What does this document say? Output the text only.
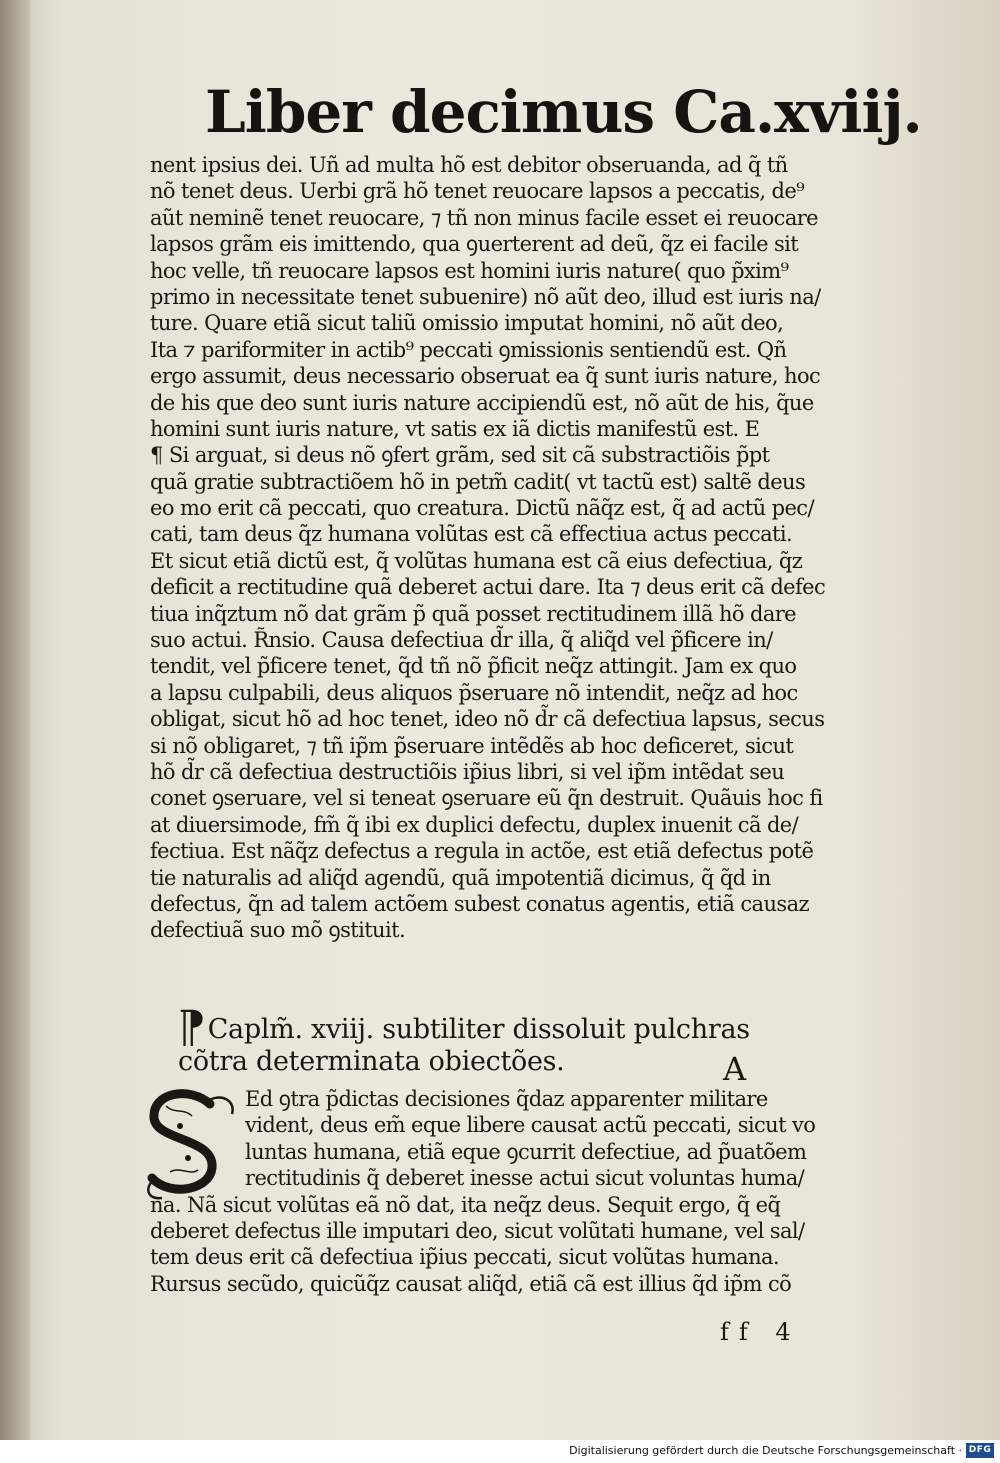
Liber decimus Ca.xviij.
nent ipsius dei. Uñ ad multa hõ est debitor obseruanda, ad q̃ tñ
nõ tenet deus. Uerbi grã hõ tenet reuocare lapsos a peccatis, de⁹
aũt neminẽ tenet reuocare, ⁊ tñ non minus facile esset ei reuocare
lapsos grãm eis imittendo, qua ꝯuerterent ad deũ, q̃z ei facile sit
hoc velle, tñ reuocare lapsos est homini iuris nature( quo p̃xim⁹
primo in necessitate tenet subuenire) nõ aũt deo, illud est iuris na/
ture. Quare etiã sicut taliũ omissio imputat homini, nõ aũt deo,
Ita ⁊ pariformiter in actib⁹ peccati ꝯmissionis sentiendũ est. Qñ
ergo assumit, deus necessario obseruat ea q̃ sunt iuris nature, hoc
de his que deo sunt iuris nature accipiendũ est, nõ aũt de his, q̃ue
homini sunt iuris nature, vt satis ex iã dictis manifestũ est. E
¶ Si arguat, si deus nõ ꝯfert grãm, sed sit cã substractiõis p̃pt
quã gratie subtractiõem hõ in petm̃ cadit( vt tactũ est) saltẽ deus
eo mo erit cã peccati, quo creatura. Dictũ nãq̃z est, q̃ ad actũ pec/
cati, tam deus q̃z humana volũtas est cã effectiua actus peccati.
Et sicut etiã dictũ est, q̃ volũtas humana est cã eius defectiua, q̃z
deficit a rectitudine quã deberet actui dare. Ita ⁊ deus erit cã defec
tiua inq̃ztum nõ dat grãm p̃ quã posset rectitudinem illã hõ dare
suo actui. R̃nsio. Causa defectiua d̃r illa, q̃ aliq̃d vel p̃ficere in/
tendit, vel p̃ficere tenet, q̃d tñ nõ p̃ficit neq̃z attingit. Jam ex quo
a lapsu culpabili, deus aliquos p̃seruare nõ intendit, neq̃z ad hoc
obligat, sicut hõ ad hoc tenet, ideo nõ d̃r cã defectiua lapsus, secus
si nõ obligaret, ⁊ tñ ip̃m p̃seruare intẽdẽs ab hoc deficeret, sicut
hõ d̃r cã defectiua destructiõis ip̃ius libri, si vel ip̃m intẽdat seu
conet ꝯseruare, vel si teneat ꝯseruare eũ q̃n destruit. Quãuis hoc fi
at diuersimode, fm̃ q̃ ibi ex duplici defectu, duplex inuenit cã de/
fectiua. Est nãq̃z defectus a regula in actõe, est etiã defectus potẽ
tie naturalis ad aliq̃d agendũ, quã impotentiã dicimus, q̃ q̃d in
defectus, q̃n ad talem actõem subest conatus agentis, etiã causaz
defectiuã suo mõ ꝯstituit.
⁋Caplm̃. xviij. subtiliter dissoluit pulchras
cõtra determinata obiectões.	A
Ed ꝯtra p̃dictas decisiones q̃daz apparenter militare
vident, deus em̃ eque libere causat actũ peccati, sicut vo
luntas humana, etiã eque ꝯcurrit defectiue, ad p̃uatõem
rectitudinis q̃ deberet inesse actui sicut voluntas huma/
na. Nã sicut volũtas eã nõ dat, ita neq̃z deus. Sequit ergo, q̃ eq̃
deberet defectus ille imputari deo, sicut volũtati humane, vel sal/
tem deus erit cã defectiua ip̃ius peccati, sicut volũtas humana.
Rursus secũdo, quicũq̃z causat aliq̃d, etiã cã est illius q̃d ip̃m cõ
ff 4
Digitalisierung gefördert durch die Deutsche Forschungsgemeinschaft · DFG
